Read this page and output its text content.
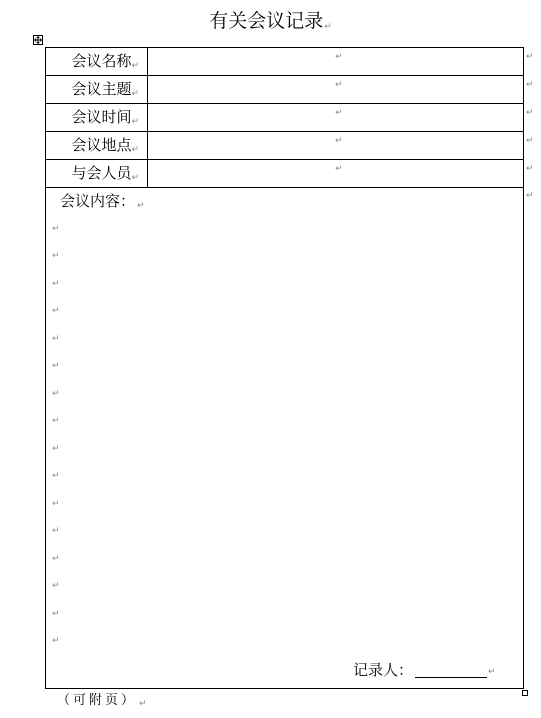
有关会议记录↵
会议名称↵
↵
会议主题↵
↵
会议时间↵
↵
会议地点↵
↵
与会人员↵
↵
会议内容： ↵
↵
↵
↵
↵
↵
↵
↵
↵
↵
↵
↵
↵
↵
↵
↵
↵
记录人：	↵
↵
↵
↵
↵
↵
↵
（可附页） ↵
